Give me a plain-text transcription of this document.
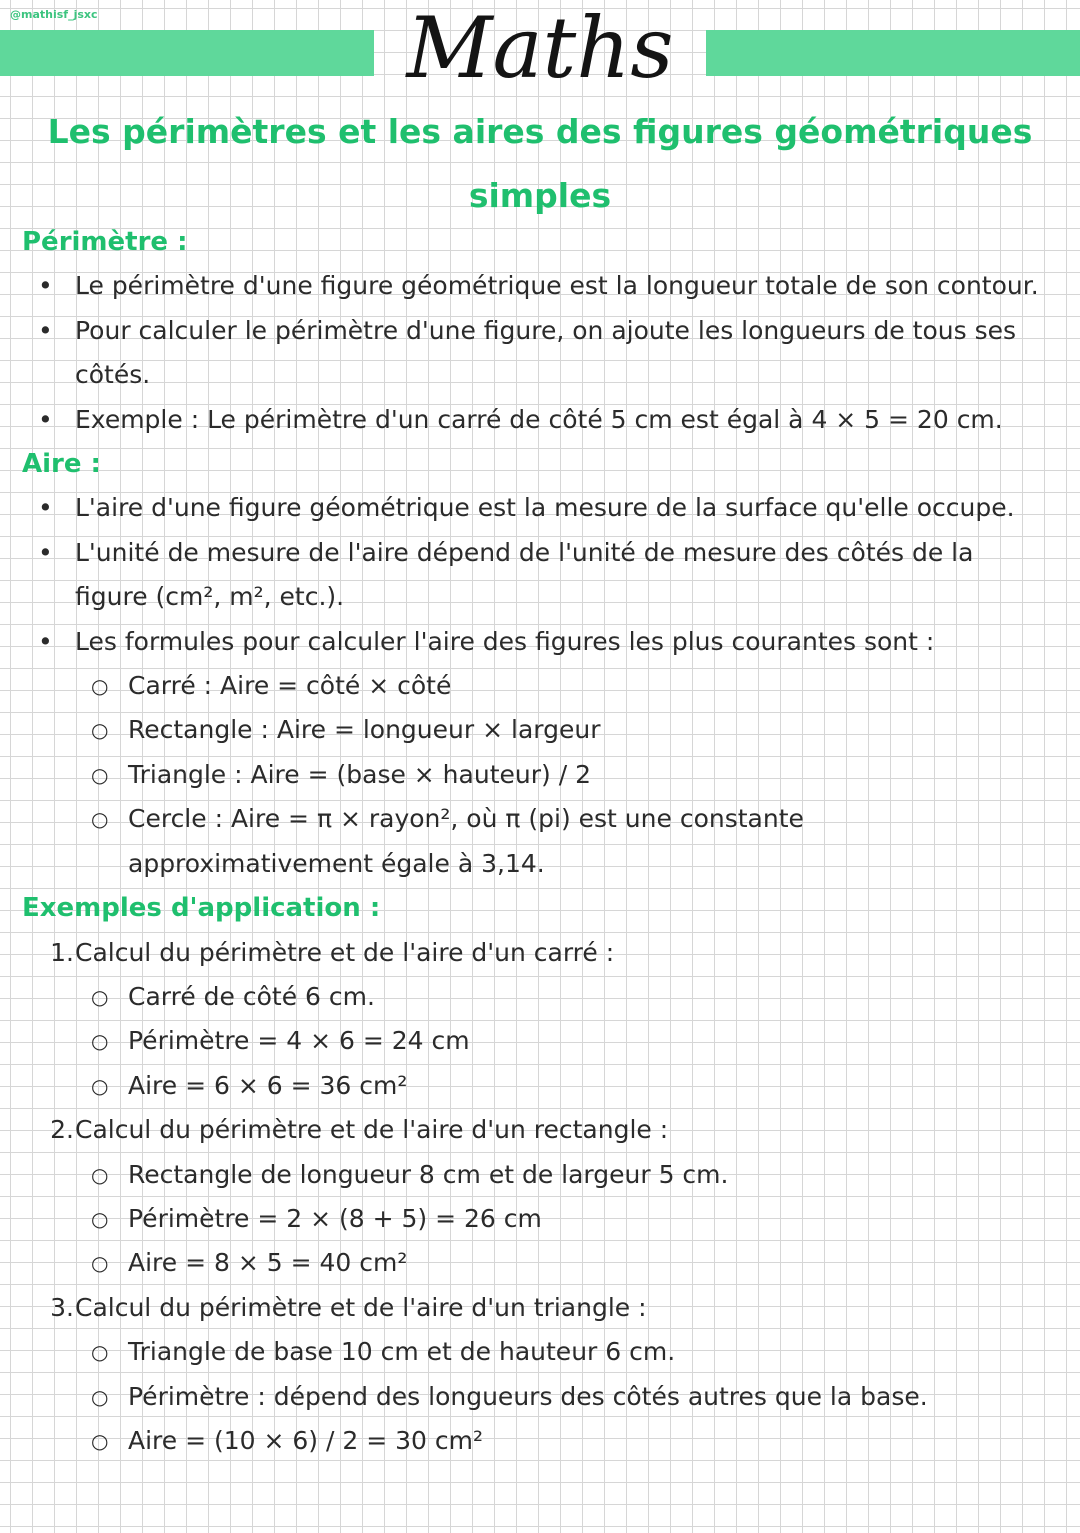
@mathisf_jsxc	Maths
Les périmètres et les aires des figures géométriques simples
Périmètre :
• Le périmètre d'une figure géométrique est la longueur totale de son contour.
• Pour calculer le périmètre d'une figure, on ajoute les longueurs de tous ses côtés.
• Exemple : Le périmètre d'un carré de côté 5 cm est égal à 4 × 5 = 20 cm.
Aire :
• L'aire d'une figure géométrique est la mesure de la surface qu'elle occupe.
• L'unité de mesure de l'aire dépend de l'unité de mesure des côtés de la figure (cm², m², etc.).
• Les formules pour calculer l'aire des figures les plus courantes sont :
○ Carré : Aire = côté × côté
○ Rectangle : Aire = longueur × largeur
○ Triangle : Aire = (base × hauteur) / 2
○ Cercle : Aire = π × rayon², où π (pi) est une constante approximativement égale à 3,14.
Exemples d'application :
1. Calcul du périmètre et de l'aire d'un carré :
○ Carré de côté 6 cm.
○ Périmètre = 4 × 6 = 24 cm
○ Aire = 6 × 6 = 36 cm²
2. Calcul du périmètre et de l'aire d'un rectangle :
○ Rectangle de longueur 8 cm et de largeur 5 cm.
○ Périmètre = 2 × (8 + 5) = 26 cm
○ Aire = 8 × 5 = 40 cm²
3. Calcul du périmètre et de l'aire d'un triangle :
○ Triangle de base 10 cm et de hauteur 6 cm.
○ Périmètre : dépend des longueurs des côtés autres que la base.
○ Aire = (10 × 6) / 2 = 30 cm²
